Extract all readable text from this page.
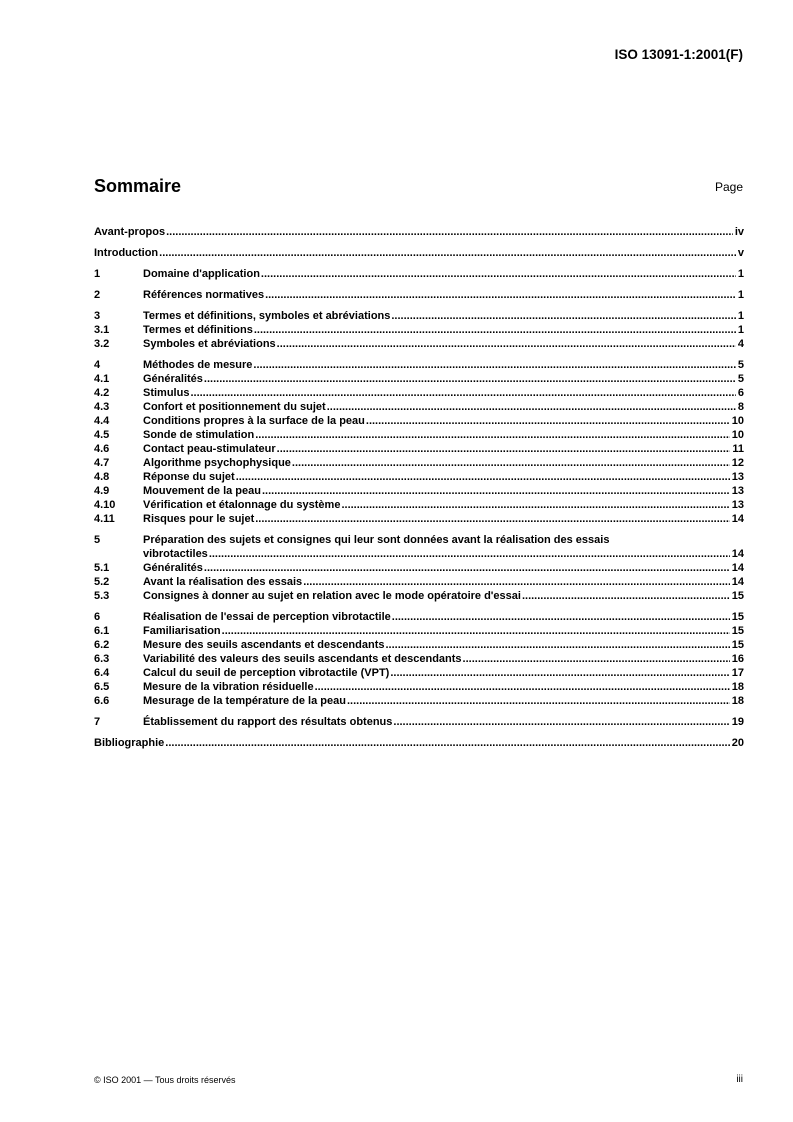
ISO 13091-1:2001(F)
Sommaire	Page
Avant-propos .....	iv
Introduction .....	v
1	Domaine d'application .....	1
2	Références normatives .....	1
3	Termes et définitions, symboles et abréviations .....	1
3.1	Termes et définitions .....	1
3.2	Symboles et abréviations .....	4
4	Méthodes de mesure .....	5
4.1	Généralités .....	5
4.2	Stimulus .....	6
4.3	Confort et positionnement du sujet .....	8
4.4	Conditions propres à la surface de la peau .....	10
4.5	Sonde de stimulation .....	10
4.6	Contact peau-stimulateur .....	11
4.7	Algorithme psychophysique .....	12
4.8	Réponse du sujet .....	13
4.9	Mouvement de la peau .....	13
4.10	Vérification et étalonnage du système .....	13
4.11	Risques pour le sujet .....	14
5	Préparation des sujets et consignes qui leur sont données avant la réalisation des essais
vibrotactiles .....	14
5.1	Généralités .....	14
5.2	Avant la réalisation des essais .....	14
5.3	Consignes à donner au sujet en relation avec le mode opératoire d'essai .....	15
6	Réalisation de l'essai de perception vibrotactile .....	15
6.1	Familiarisation .....	15
6.2	Mesure des seuils ascendants et descendants .....	15
6.3	Variabilité des valeurs des seuils ascendants et descendants .....	16
6.4	Calcul du seuil de perception vibrotactile (VPT) .....	17
6.5	Mesure de la vibration résiduelle .....	18
6.6	Mesurage de la température de la peau .....	18
7	Établissement du rapport des résultats obtenus .....	19
Bibliographie .....	20
© ISO 2001 — Tous droits réservés	iii
